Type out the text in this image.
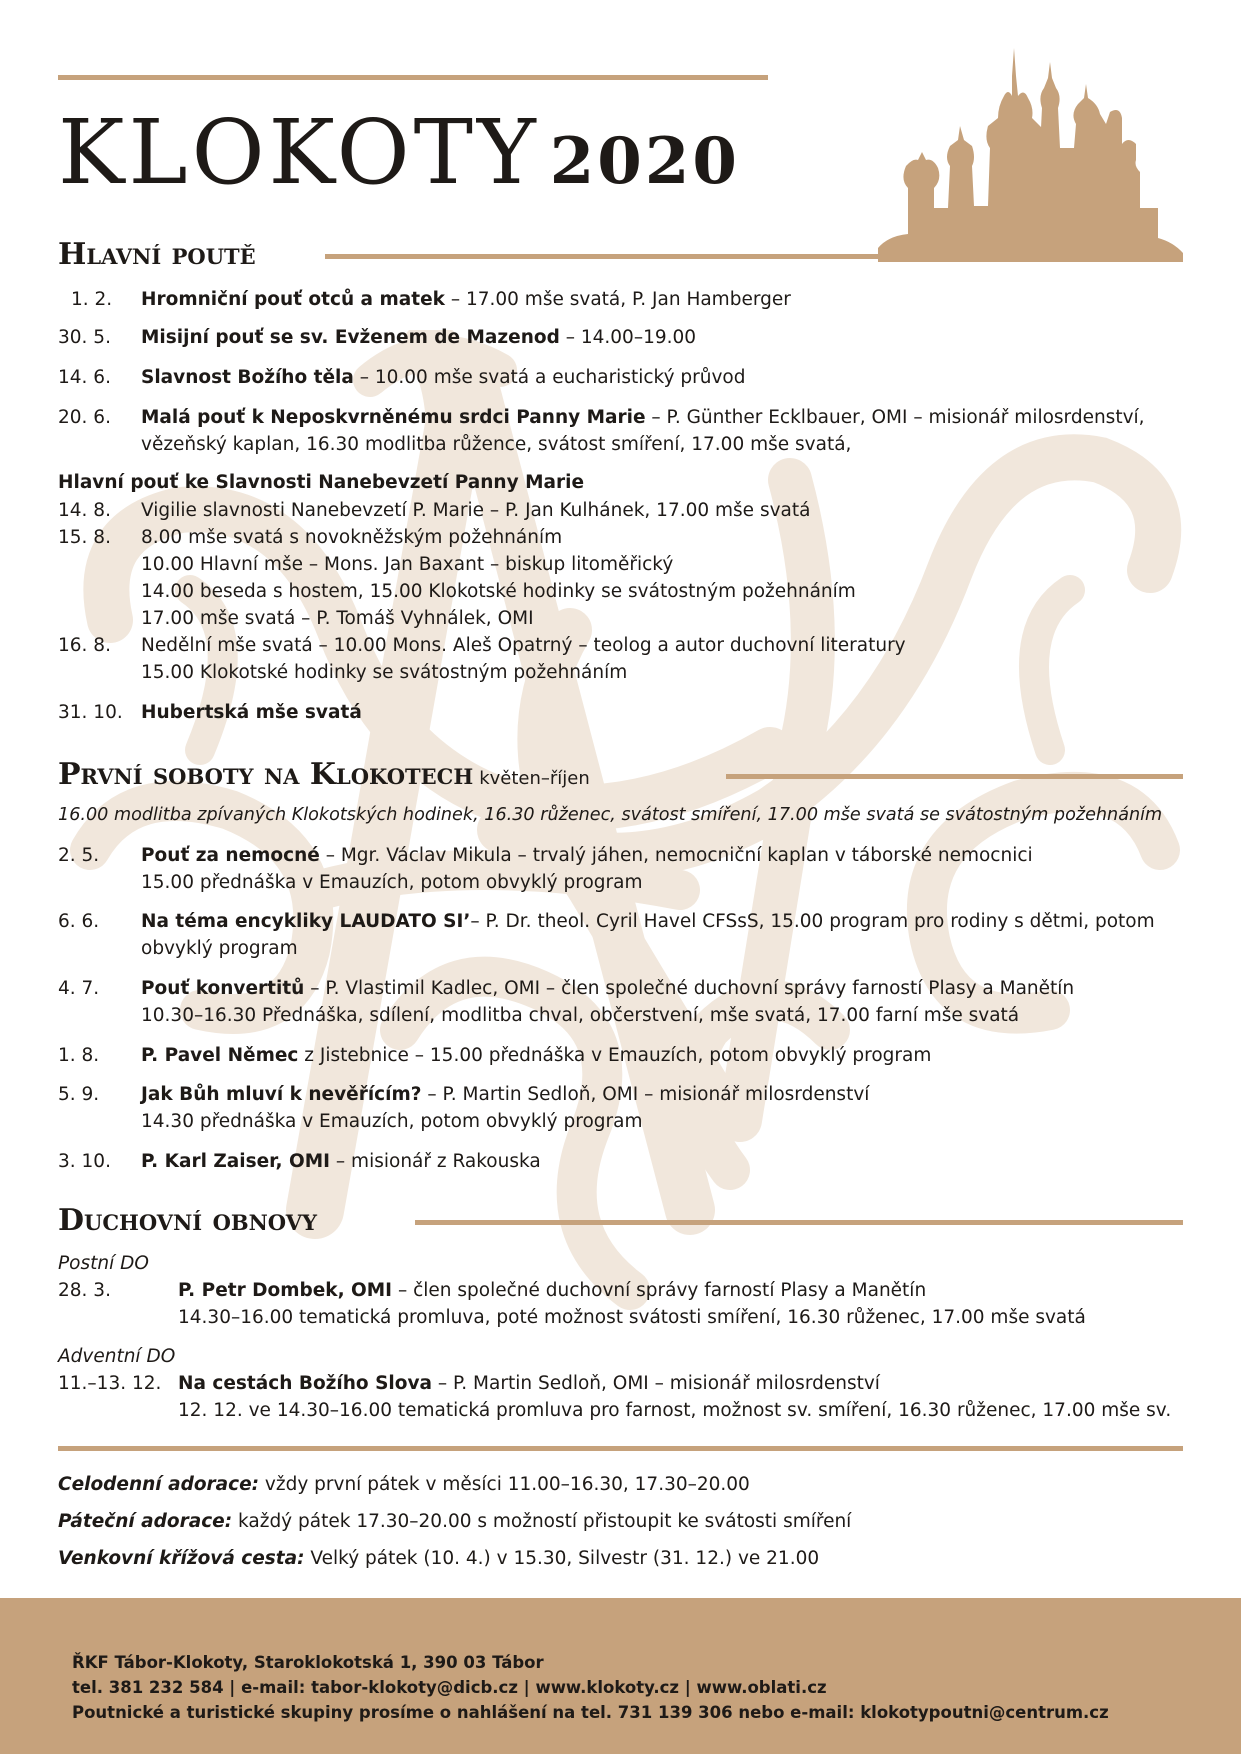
KLOKOTY 2020
Hlavní poutě
1. 2. Hromniční pouť otců a matek – 17.00 mše svatá, P. Jan Hamberger
30. 5. Misijní pouť se sv. Evženem de Mazenod – 14.00–19.00
14. 6. Slavnost Božího těla – 10.00 mše svatá a eucharistický průvod
20. 6. Malá pouť k Neposkvrněnému srdci Panny Marie – P. Günther Ecklbauer, OMI – misionář milosrdenství,
vězeňský kaplan, 16.30 modlitba růžence, svátost smíření, 17.00 mše svatá,
Hlavní pouť ke Slavnosti Nanebevzetí Panny Marie
14. 8. Vigilie slavnosti Nanebevzetí P. Marie – P. Jan Kulhánek, 17.00 mše svatá
15. 8. 8.00 mše svatá s novokněžským požehnáním
10.00 Hlavní mše – Mons. Jan Baxant – biskup litoměřický
14.00 beseda s hostem, 15.00 Klokotské hodinky se svátostným požehnáním
17.00 mše svatá – P. Tomáš Vyhnálek, OMI
16. 8. Nedělní mše svatá – 10.00 Mons. Aleš Opatrný – teolog a autor duchovní literatury
15.00 Klokotské hodinky se svátostným požehnáním
31. 10. Hubertská mše svatá
První soboty na Klokotech květen–říjen
16.00 modlitba zpívaných Klokotských hodinek, 16.30 růženec, svátost smíření, 17.00 mše svatá se svátostným požehnáním
2. 5. Pouť za nemocné – Mgr. Václav Mikula – trvalý jáhen, nemocniční kaplan v táborské nemocnici
15.00 přednáška v Emauzích, potom obvyklý program
6. 6. Na téma encykliky LAUDATO SI’– P. Dr. theol. Cyril Havel CFSsS, 15.00 program pro rodiny s dětmi, potom
obvyklý program
4. 7. Pouť konvertitů – P. Vlastimil Kadlec, OMI – člen společné duchovní správy farností Plasy a Manětín
10.30–16.30 Přednáška, sdílení, modlitba chval, občerstvení, mše svatá, 17.00 farní mše svatá
1. 8. P. Pavel Němec z Jistebnice – 15.00 přednáška v Emauzích, potom obvyklý program
5. 9. Jak Bůh mluví k nevěřícím? – P. Martin Sedloň, OMI – misionář milosrdenství
14.30 přednáška v Emauzích, potom obvyklý program
3. 10. P. Karl Zaiser, OMI – misionář z Rakouska
Duchovní obnovy
Postní DO
28. 3.	P. Petr Dombek, OMI – člen společné duchovní správy farností Plasy a Manětín
14.30–16.00 tematická promluva, poté možnost svátosti smíření, 16.30 růženec, 17.00 mše svatá
Adventní DO
11.–13. 12. Na cestách Božího Slova – P. Martin Sedloň, OMI – misionář milosrdenství
12. 12. ve 14.30–16.00 tematická promluva pro farnost, možnost sv. smíření, 16.30 růženec, 17.00 mše sv.
Celodenní adorace: vždy první pátek v měsíci 11.00–16.30, 17.30–20.00
Páteční adorace: každý pátek 17.30–20.00 s možností přistoupit ke svátosti smíření
Venkovní křížová cesta: Velký pátek (10. 4.) v 15.30, Silvestr (31. 12.) ve 21.00
ŘKF Tábor-Klokoty, Staroklokotská 1, 390 03 Tábor
tel. 381 232 584 | e-mail: tabor-klokoty@dicb.cz | www.klokoty.cz | www.oblati.cz
Poutnické a turistické skupiny prosíme o nahlášení na tel. 731 139 306 nebo e-mail: klokotypoutni@centrum.cz
